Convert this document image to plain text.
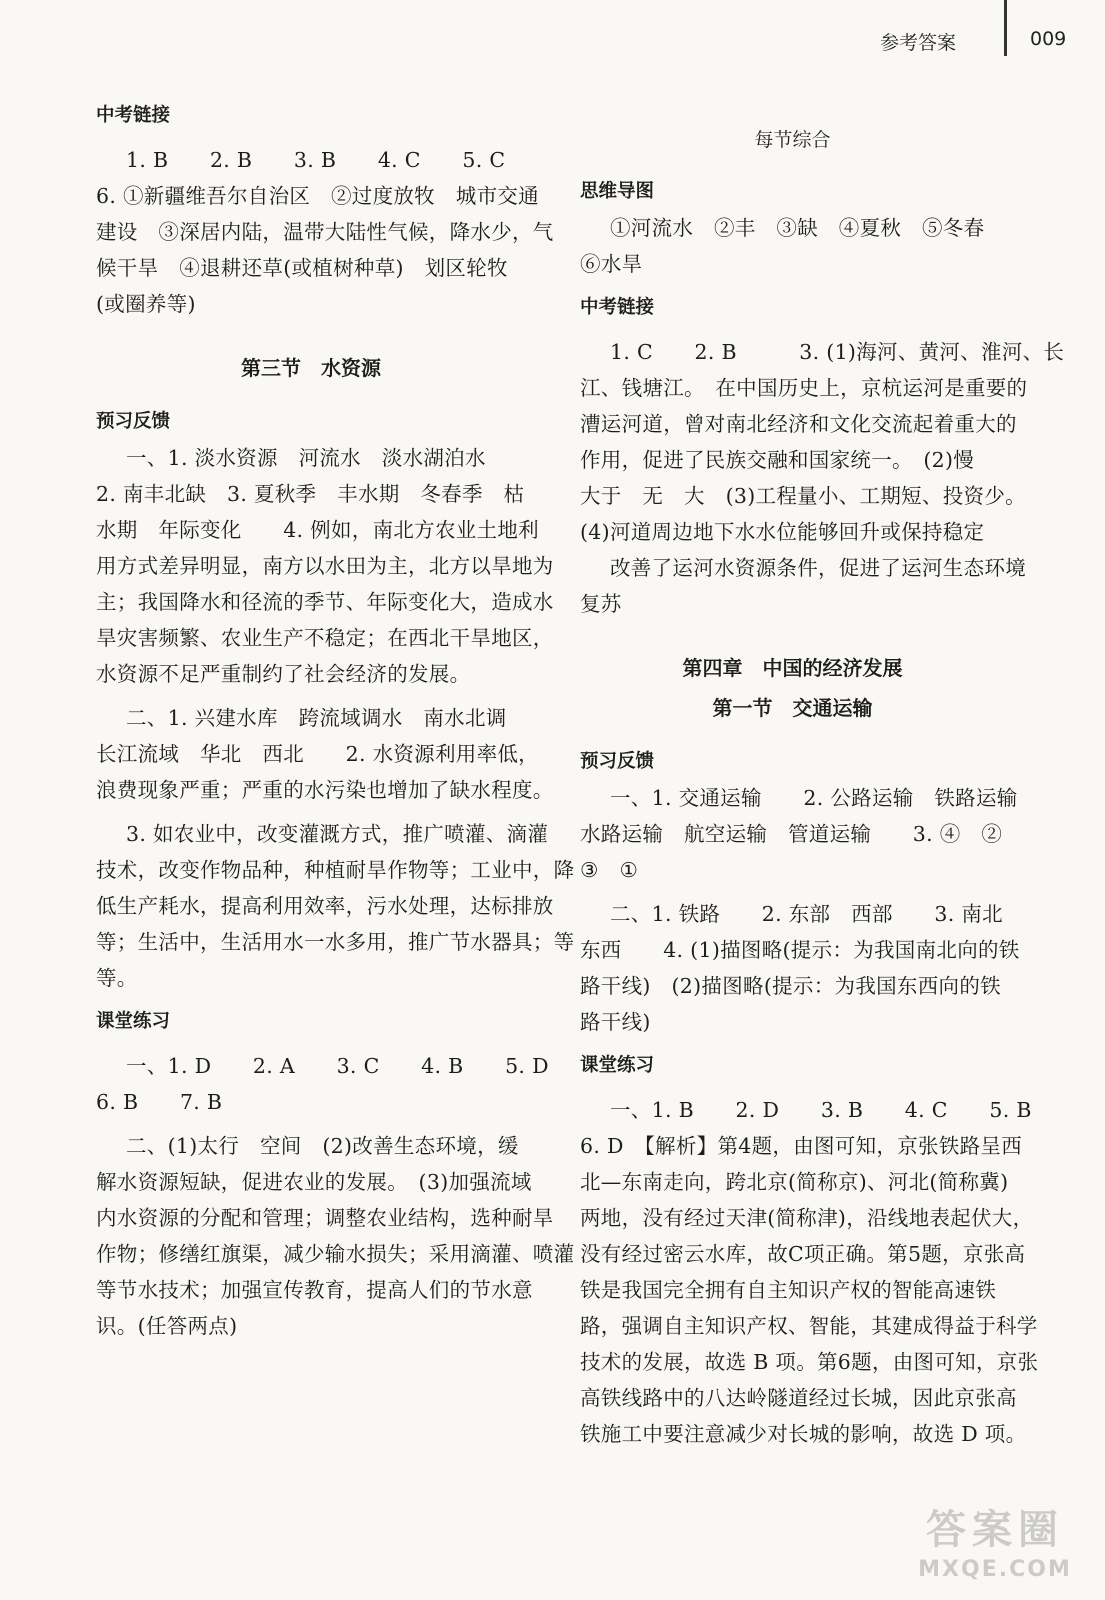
参考答案	009
中考链接
1. B　　2. B　　3. B　　4. C　　5. C
6. ①新疆维吾尔自治区　②过度放牧　城市交通
建设　③深居内陆，温带大陆性气候，降水少，气
候干旱　④退耕还草(或植树种草)　划区轮牧
(或圈养等)
第三节　水资源
预习反馈
一、1. 淡水资源　河流水　淡水湖泊水
2. 南丰北缺　3. 夏秋季　丰水期　冬春季　枯
水期　年际变化　　4. 例如，南北方农业土地利
用方式差异明显，南方以水田为主，北方以旱地为
主；我国降水和径流的季节、年际变化大，造成水
旱灾害频繁、农业生产不稳定；在西北干旱地区，
水资源不足严重制约了社会经济的发展。
二、1. 兴建水库　跨流域调水　南水北调
长江流域　华北　西北　　2. 水资源利用率低，
浪费现象严重；严重的水污染也增加了缺水程度。
3. 如农业中，改变灌溉方式，推广喷灌、滴灌
技术，改变作物品种，种植耐旱作物等；工业中，降
低生产耗水，提高利用效率，污水处理，达标排放
等；生活中，生活用水一水多用，推广节水器具；等
等。
课堂练习
一、1. D　　2. A　　3. C　　4. B　　5. D
6. B　　7. B
二、(1)太行　空间　(2)改善生态环境，缓
解水资源短缺，促进农业的发展。　(3)加强流域
内水资源的分配和管理；调整农业结构，选种耐旱
作物；修缮红旗渠，减少输水损失；采用滴灌、喷灌
等节水技术；加强宣传教育，提高人们的节水意
识。(任答两点)
每节综合
思维导图
①河流水　②丰　③缺　④夏秋　⑤冬春
⑥水旱
中考链接
1. C　　2. B　　　3. (1)海河、黄河、淮河、长
江、钱塘江。　在中国历史上，京杭运河是重要的
漕运河道，曾对南北经济和文化交流起着重大的
作用，促进了民族交融和国家统一。　(2)慢
大于　无　大　(3)工程量小、工期短、投资少。
(4)河道周边地下水水位能够回升或保持稳定
改善了运河水资源条件，促进了运河生态环境
复苏
第四章　中国的经济发展
第一节　交通运输
预习反馈
一、1. 交通运输　　2. 公路运输　铁路运输
水路运输　航空运输　管道运输　　3. ④　②
③　①
二、1. 铁路　　2. 东部　西部　　3. 南北
东西　　4. (1)描图略(提示：为我国南北向的铁
路干线)　(2)描图略(提示：为我国东西向的铁
路干线)
课堂练习
一、1. B　　2. D　　3. B　　4. C　　5. B
6. D　【解析】第4题，由图可知，京张铁路呈西
北—东南走向，跨北京(简称京)、河北(简称冀)
两地，没有经过天津(简称津)，沿线地表起伏大，
没有经过密云水库，故C项正确。第5题，京张高
铁是我国完全拥有自主知识产权的智能高速铁
路，强调自主知识产权、智能，其建成得益于科学
技术的发展，故选 B 项。第6题，由图可知，京张
高铁线路中的八达岭隧道经过长城，因此京张高
铁施工中要注意减少对长城的影响，故选 D 项。
答案圈
MXQE.COM
